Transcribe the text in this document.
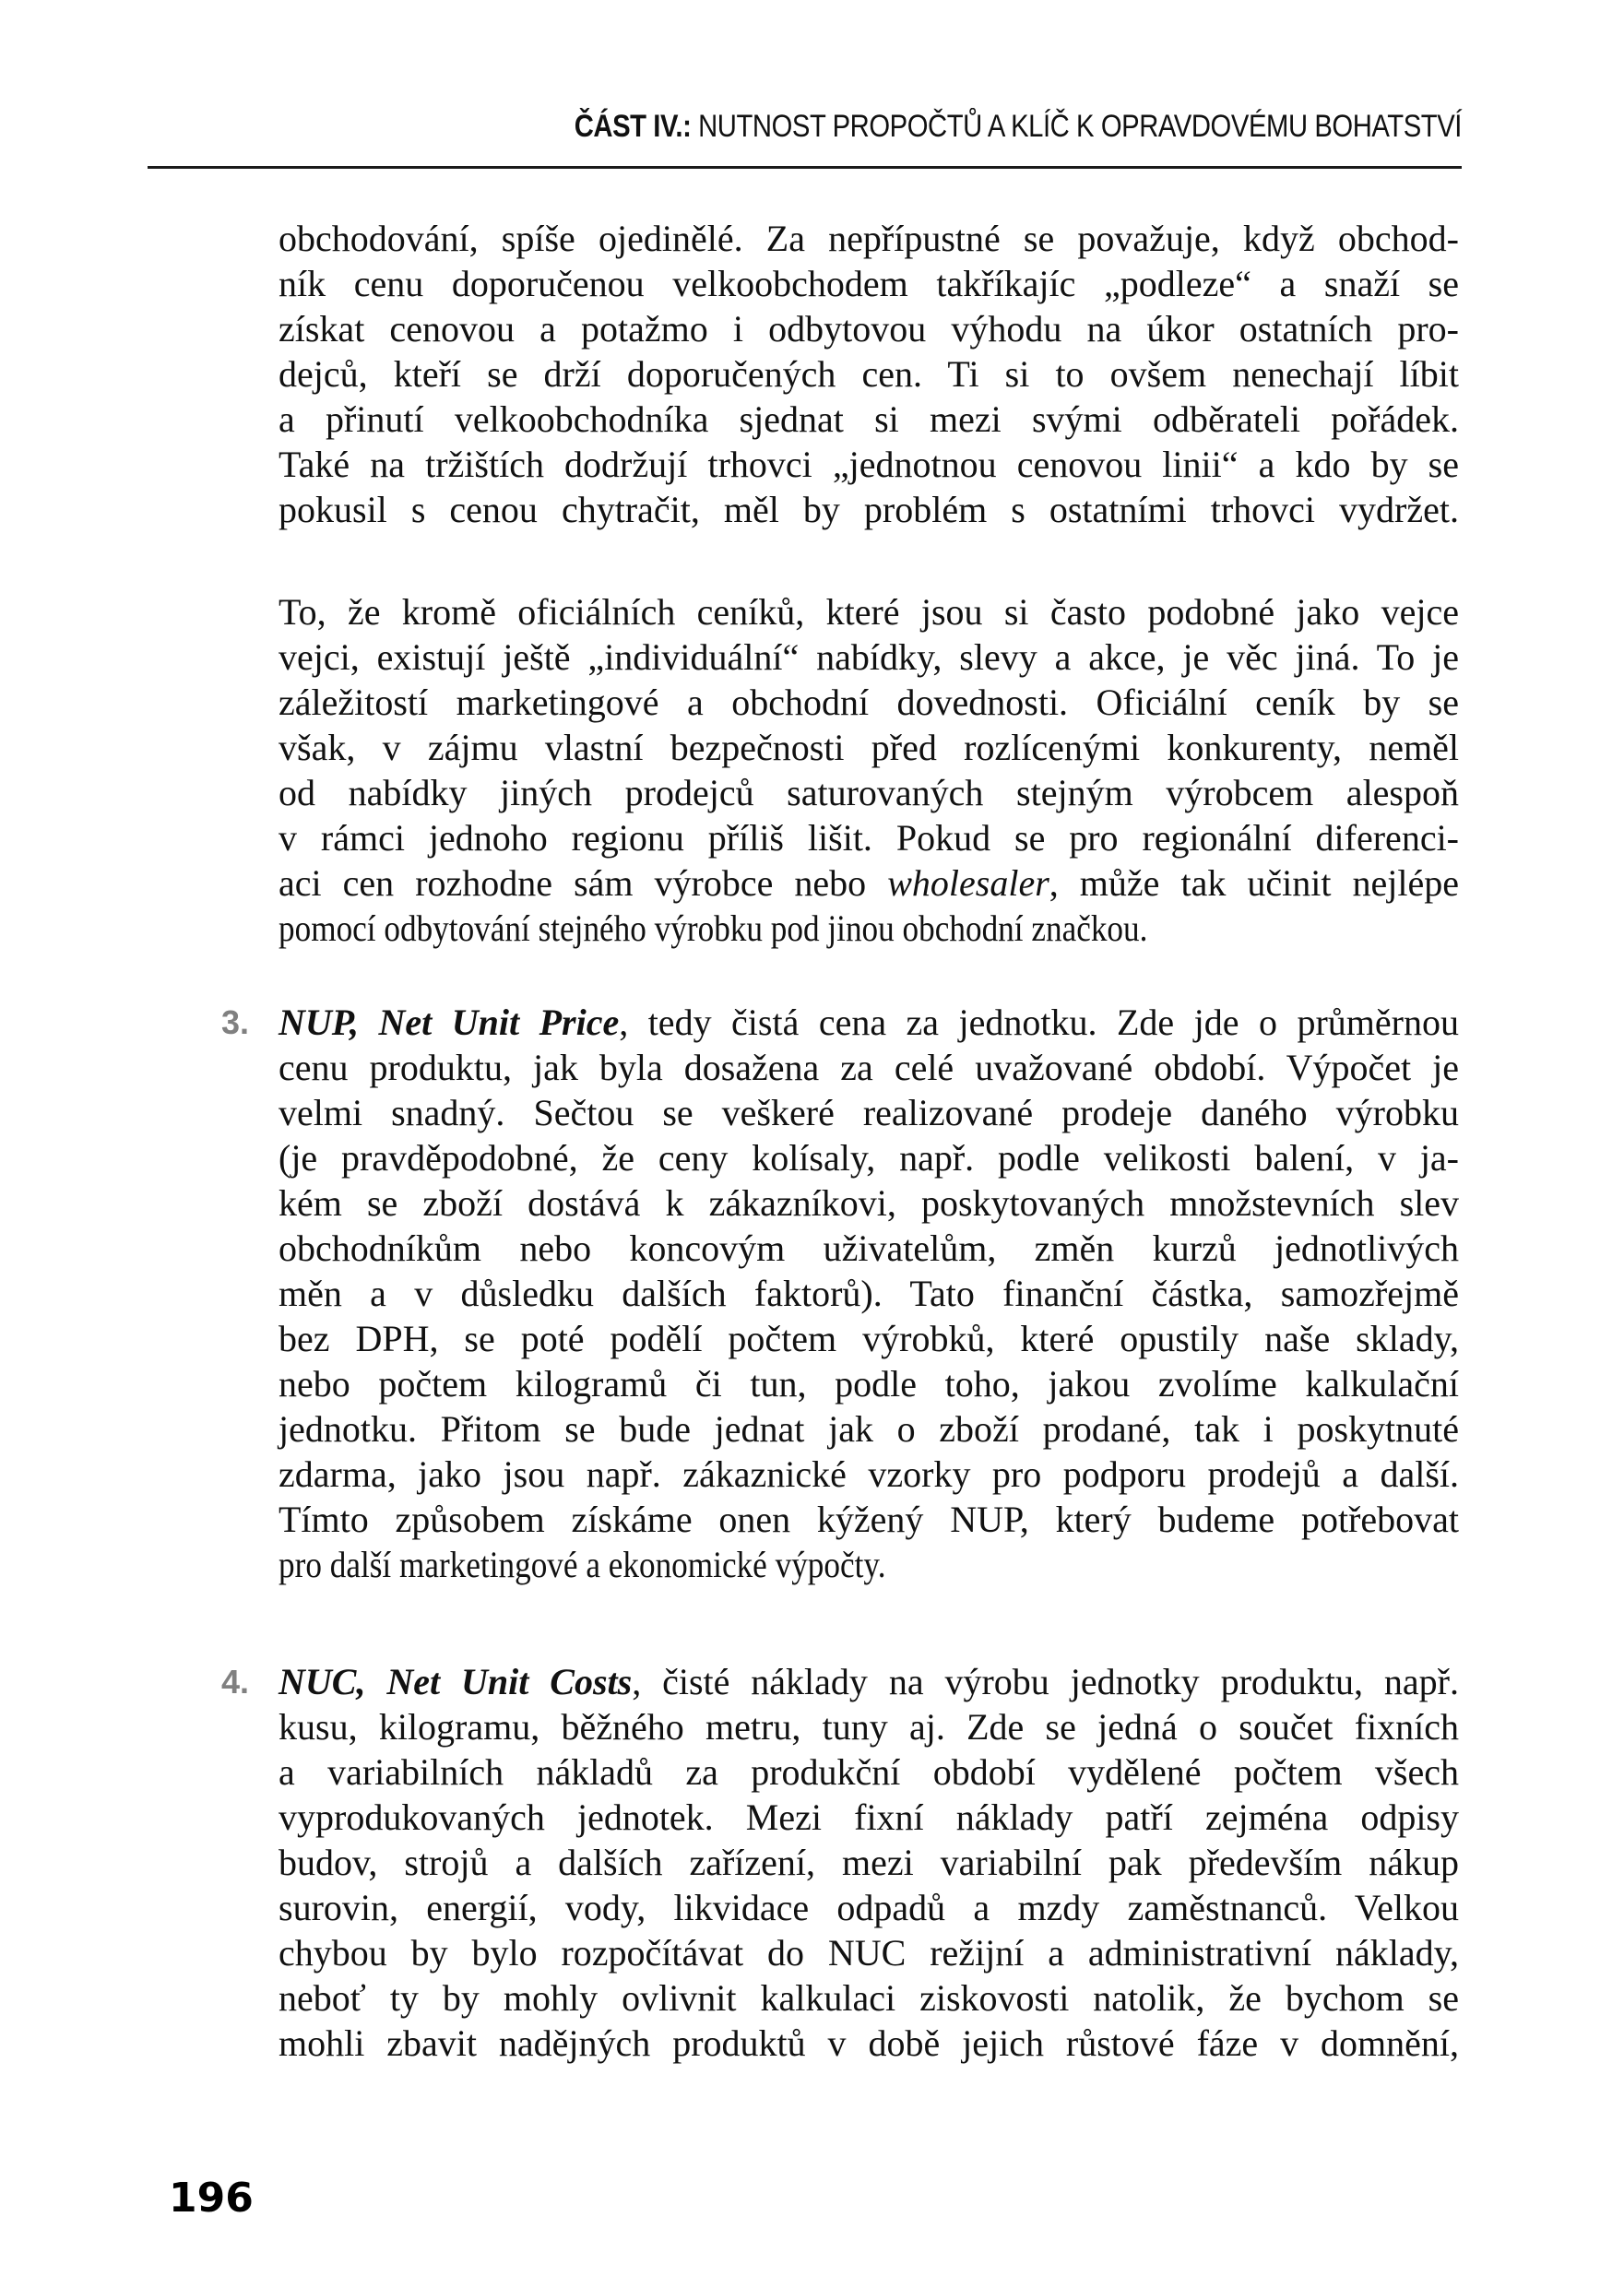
ČÁST IV.: NUTNOST PROPOČTŮ A KLÍČ K OPRAVDOVÉMU BOHATSTVÍ
obchodování, spíše ojedinělé. Za nepřípustné se považuje, když obchod-
ník cenu doporučenou velkoobchodem takříkajíc „podleze“ a snaží se
získat cenovou a potažmo i odbytovou výhodu na úkor ostatních pro-
dejců, kteří se drží doporučených cen. Ti si to ovšem nenechají líbit
a přinutí velkoobchodníka sjednat si mezi svými odběrateli pořádek.
Také na tržištích dodržují trhovci „jednotnou cenovou linii“ a kdo by se
pokusil s cenou chytračit, měl by problém s ostatními trhovci vydržet.
To, že kromě oficiálních ceníků, které jsou si často podobné jako vejce
vejci, existují ještě „individuální“ nabídky, slevy a akce, je věc jiná. To je
záležitostí marketingové a obchodní dovednosti. Oficiální ceník by se
však, v zájmu vlastní bezpečnosti před rozlícenými konkurenty, neměl
od nabídky jiných prodejců saturovaných stejným výrobcem alespoň
v rámci jednoho regionu příliš lišit. Pokud se pro regionální diferenci-
aci cen rozhodne sám výrobce nebo wholesaler, může tak učinit nejlépe
pomocí odbytování stejného výrobku pod jinou obchodní značkou.
3. NUP, Net Unit Price, tedy čistá cena za jednotku. Zde jde o průměrnou
cenu produktu, jak byla dosažena za celé uvažované období. Výpočet je
velmi snadný. Sečtou se veškeré realizované prodeje daného výrobku
(je pravděpodobné, že ceny kolísaly, např. podle velikosti balení, v ja-
kém se zboží dostává k zákazníkovi, poskytovaných množstevních slev
obchodníkům nebo koncovým uživatelům, změn kurzů jednotlivých
měn a v důsledku dalších faktorů). Tato finanční částka, samozřejmě
bez DPH, se poté podělí počtem výrobků, které opustily naše sklady,
nebo počtem kilogramů či tun, podle toho, jakou zvolíme kalkulační
jednotku. Přitom se bude jednat jak o zboží prodané, tak i poskytnuté
zdarma, jako jsou např. zákaznické vzorky pro podporu prodejů a další.
Tímto způsobem získáme onen kýžený NUP, který budeme potřebovat
pro další marketingové a ekonomické výpočty.
4. NUC, Net Unit Costs, čisté náklady na výrobu jednotky produktu, např.
kusu, kilogramu, běžného metru, tuny aj. Zde se jedná o součet fixních
a variabilních nákladů za produkční období vydělené počtem všech
vyprodukovaných jednotek. Mezi fixní náklady patří zejména odpisy
budov, strojů a dalších zařízení, mezi variabilní pak především nákup
surovin, energií, vody, likvidace odpadů a mzdy zaměstnanců. Velkou
chybou by bylo rozpočítávat do NUC režijní a administrativní náklady,
neboť ty by mohly ovlivnit kalkulaci ziskovosti natolik, že bychom se
mohli zbavit nadějných produktů v době jejich růstové fáze v domnění,
196
